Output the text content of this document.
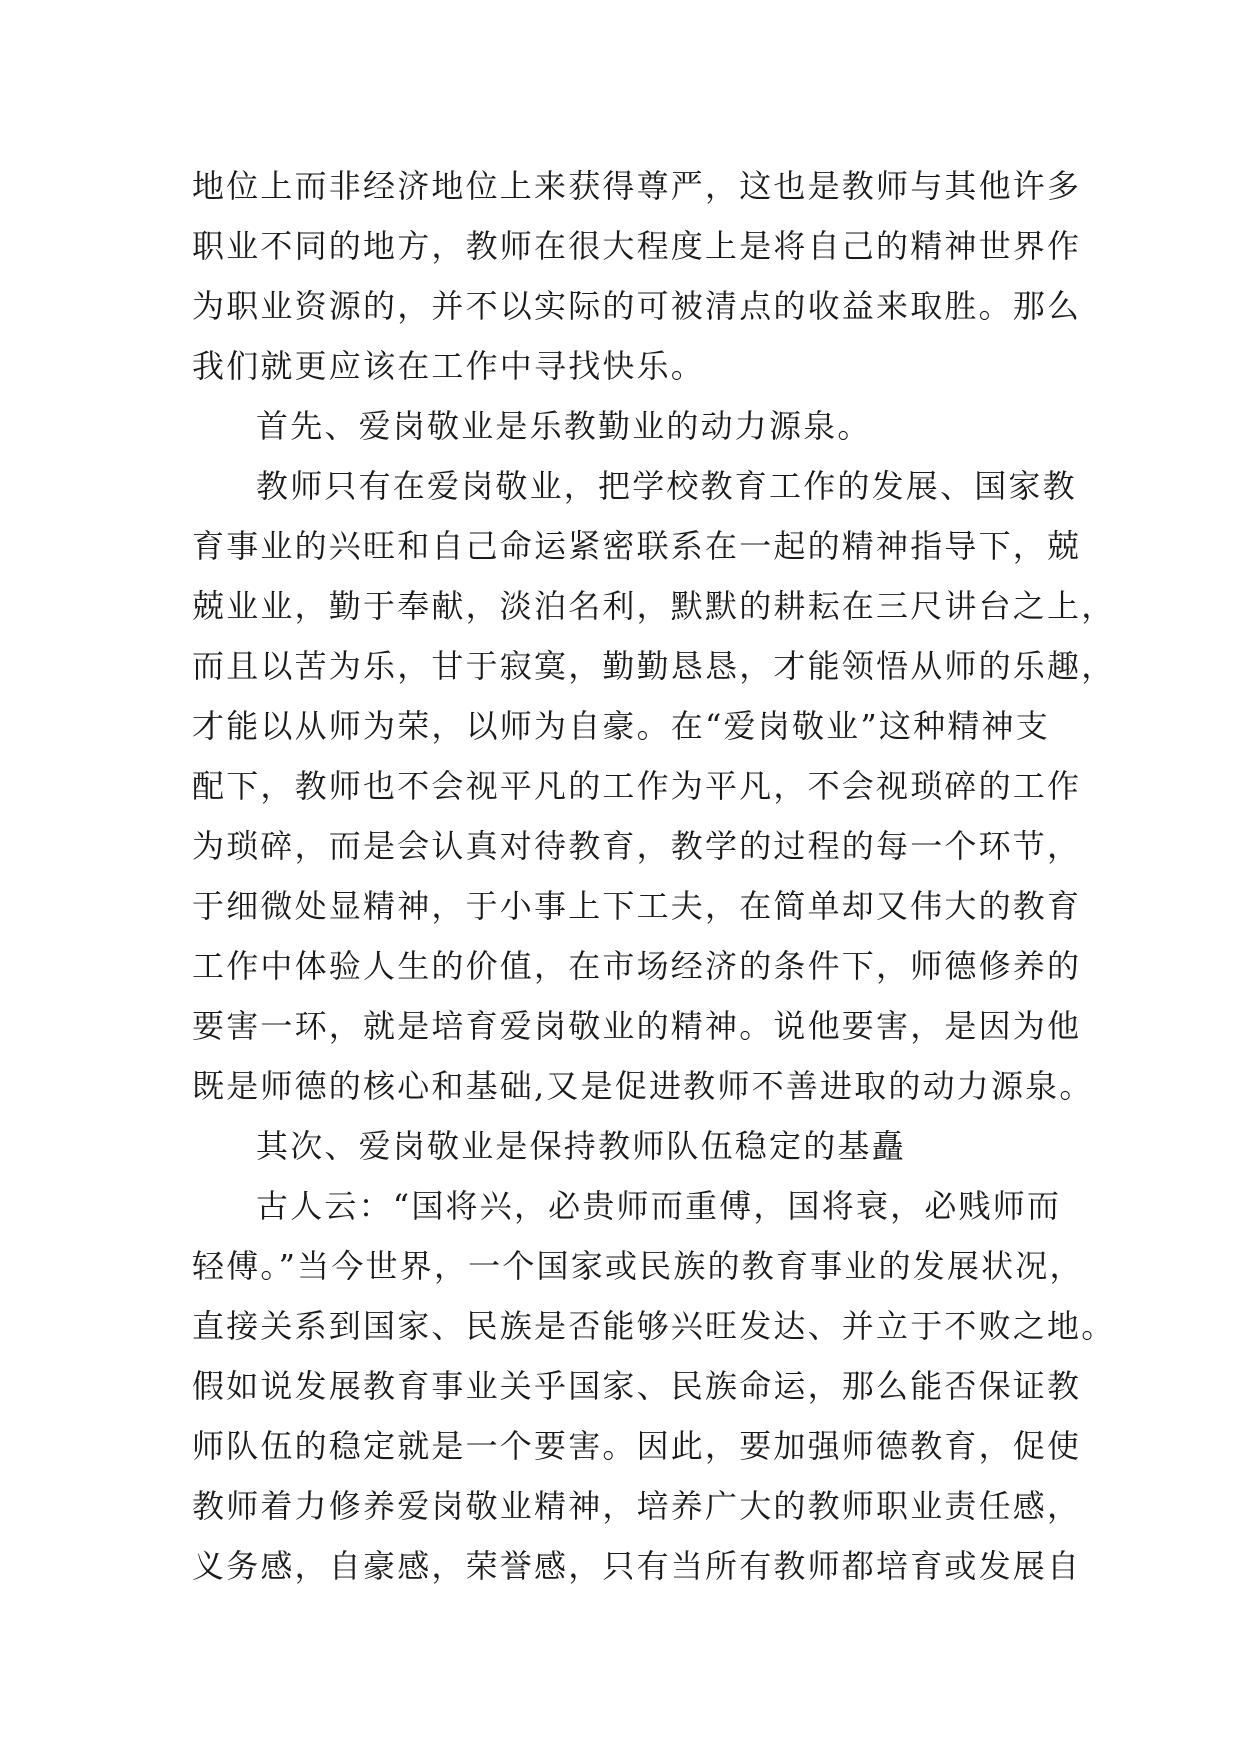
地位上而非经济地位上来获得尊严，这也是教师与其他许多
职业不同的地方，教师在很大程度上是将自己的精神世界作
为职业资源的，并不以实际的可被清点的收益来取胜。那么
我们就更应该在工作中寻找快乐。
首先、爱岗敬业是乐教勤业的动力源泉。
教师只有在爱岗敬业，把学校教育工作的发展、国家教
育事业的兴旺和自己命运紧密联系在一起的精神指导下，兢
兢业业，勤于奉献，淡泊名利，默默的耕耘在三尺讲台之上，
而且以苦为乐，甘于寂寞，勤勤恳恳，才能领悟从师的乐趣，
才能以从师为荣，以师为自豪。在“爱岗敬业”这种精神支
配下，教师也不会视平凡的工作为平凡，不会视琐碎的工作
为琐碎，而是会认真对待教育，教学的过程的每一个环节，
于细微处显精神，于小事上下工夫，在简单却又伟大的教育
工作中体验人生的价值，在市场经济的条件下，师德修养的
要害一环，就是培育爱岗敬业的精神。说他要害，是因为他
既是师德的核心和基础,又是促进教师不善进取的动力源泉。
其次、爱岗敬业是保持教师队伍稳定的基矗
古人云：“国将兴，必贵师而重傅，国将衰，必贱师而
轻傅。”当今世界，一个国家或民族的教育事业的发展状况，
直接关系到国家、民族是否能够兴旺发达、并立于不败之地。
假如说发展教育事业关乎国家、民族命运，那么能否保证教
师队伍的稳定就是一个要害。因此，要加强师德教育，促使
教师着力修养爱岗敬业精神，培养广大的教师职业责任感，
义务感，自豪感，荣誉感，只有当所有教师都培育或发展自
